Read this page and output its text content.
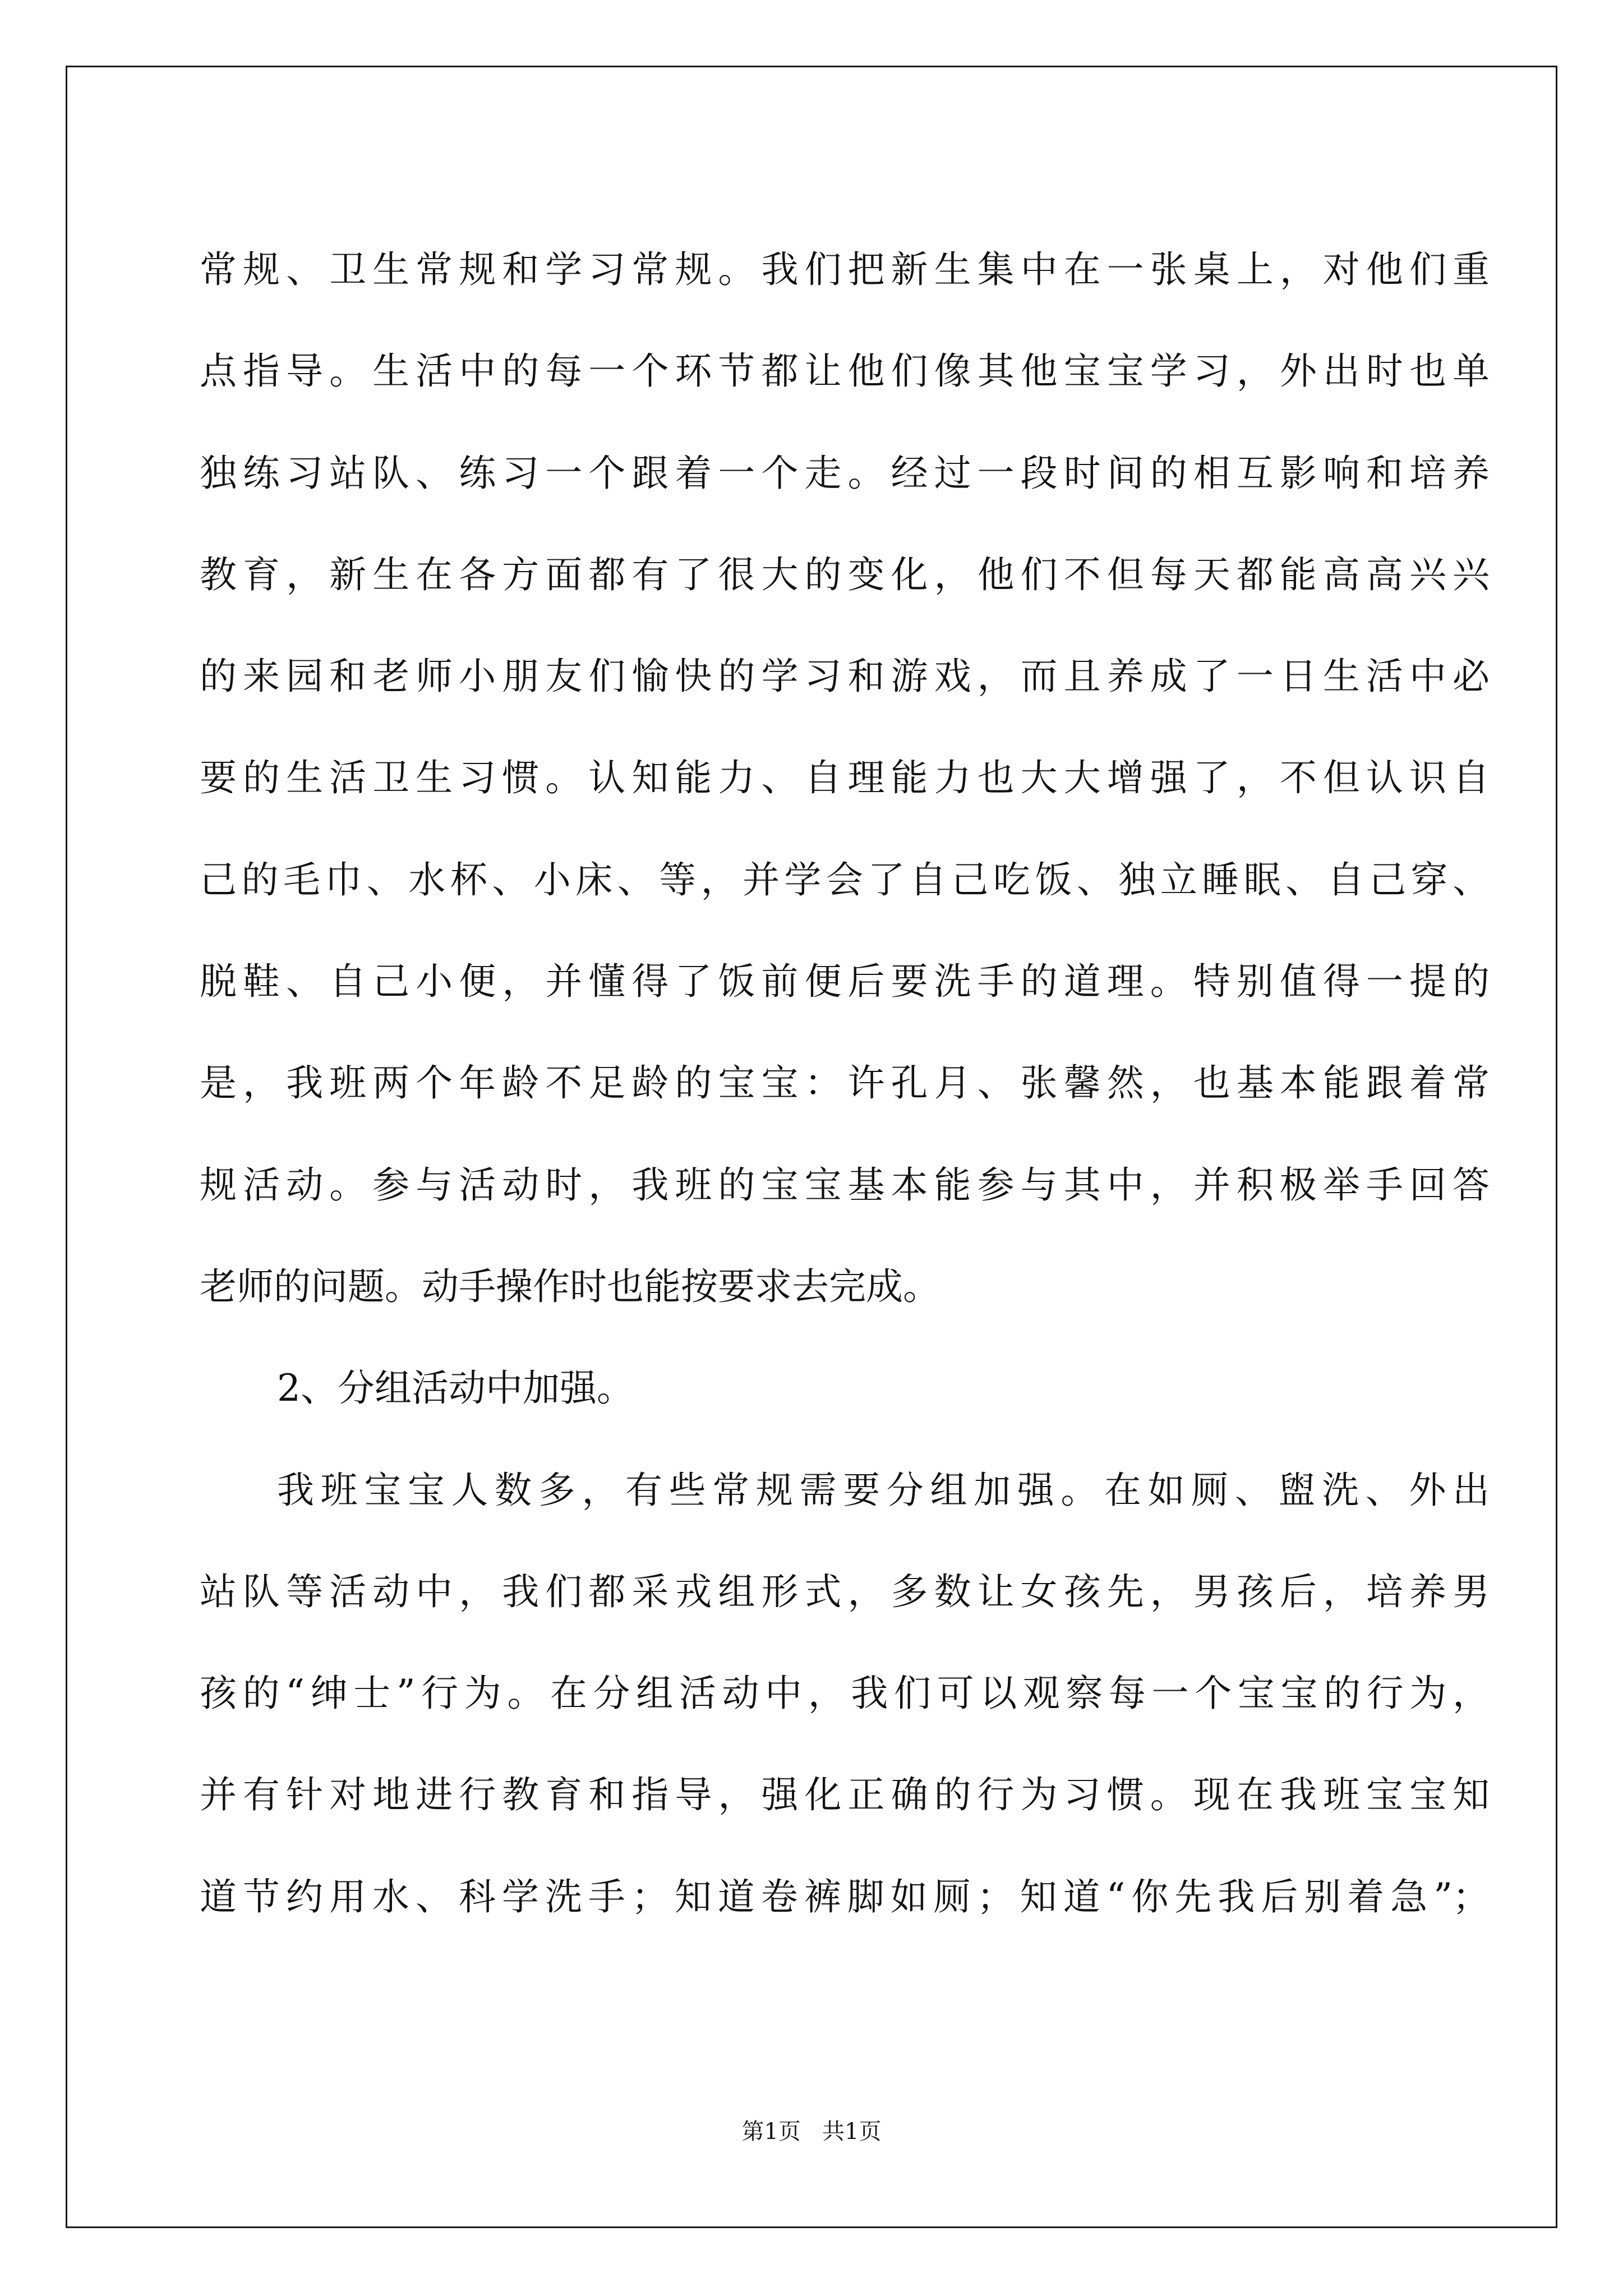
常规、卫生常规和学习常规。我们把新生集中在一张桌上，对他们重
点指导。生活中的每一个环节都让他们像其他宝宝学习，外出时也单
独练习站队、练习一个跟着一个走。经过一段时间的相互影响和培养
教育，新生在各方面都有了很大的变化，他们不但每天都能高高兴兴
的来园和老师小朋友们愉快的学习和游戏，而且养成了一日生活中必
要的生活卫生习惯。认知能力、自理能力也大大增强了，不但认识自
己的毛巾、水杯、小床、等，并学会了自己吃饭、独立睡眠、自己穿、
脱鞋、自己小便，并懂得了饭前便后要洗手的道理。特别值得一提的
是，我班两个年龄不足龄的宝宝：许孔月、张馨然，也基本能跟着常
规活动。参与活动时，我班的宝宝基本能参与其中，并积极举手回答
老师的问题。动手操作时也能按要求去完成。
2、分组活动中加强。
我班宝宝人数多，有些常规需要分组加强。在如厕、盥洗、外出
站队等活动中，我们都采戎组形式，多数让女孩先，男孩后，培养男
孩的“绅士”行为。在分组活动中，我们可以观察每一个宝宝的行为，
并有针对地进行教育和指导，强化正确的行为习惯。现在我班宝宝知
道节约用水、科学洗手；知道卷裤脚如厕；知道“你先我后别着急”；
第1页   共1页
